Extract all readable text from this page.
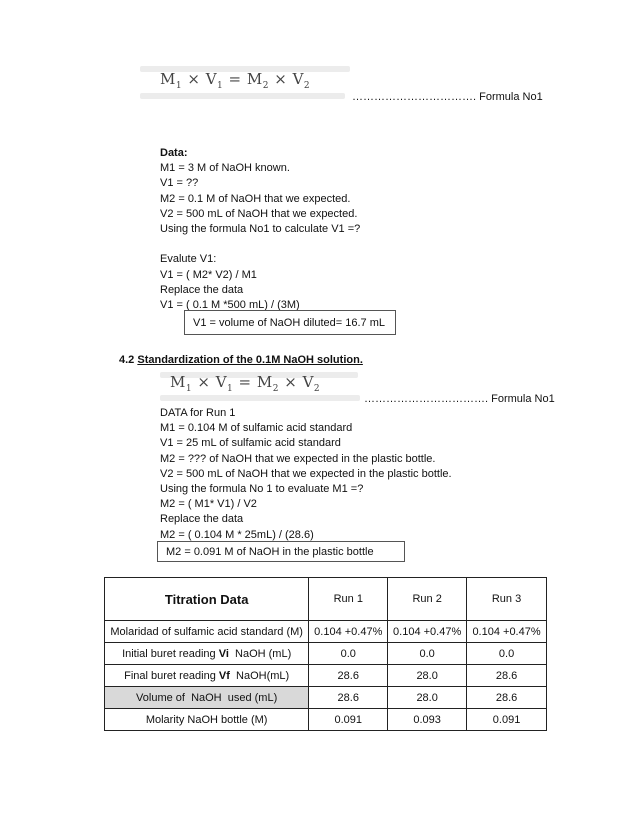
$M_1 \times V_1 = M_2 \times V_2$
……………………………. Formula No1
Data:
M1 = 3 M of NaOH known.
V1 = ??
M2 = 0.1 M of NaOH that we expected.
V2 = 500 mL of NaOH that we expected.
Using the formula No1 to calculate V1 =?
Evalute V1:
V1 = ( M2* V2) / M1
Replace the data
V1 = ( 0.1 M *500 mL) / (3M)
V1 = volume of NaOH diluted= 16.7 mL
4.2 Standardization of the 0.1M NaOH solution.
$M_1 \times V_1 = M_2 \times V_2$
……………………………. Formula No1
DATA for Run 1
M1 = 0.104 M of sulfamic acid standard
V1 = 25 mL of sulfamic acid standard
M2 = ??? of NaOH that we expected in the plastic bottle.
V2 = 500 mL of NaOH that we expected in the plastic bottle.
Using the formula No 1 to evaluate M1 =?
M2 = ( M1* V1) / V2
Replace the data
M2 = ( 0.104 M * 25mL) / (28.6)
M2 = 0.091 M of NaOH in the plastic bottle
Titration Data	Run 1	Run 2	Run 3
Molaridad of sulfamic acid standard (M)	0.104 +0.47%	0.104 +0.47%	0.104 +0.47%
Initial buret reading Vi  NaOH (mL)	0.0	0.0	0.0
Final buret reading Vf  NaOH(mL)	28.6	28.0	28.6
Volume of  NaOH  used (mL)	28.6	28.0	28.6
Molarity NaOH bottle (M)	0.091	0.093	0.091
